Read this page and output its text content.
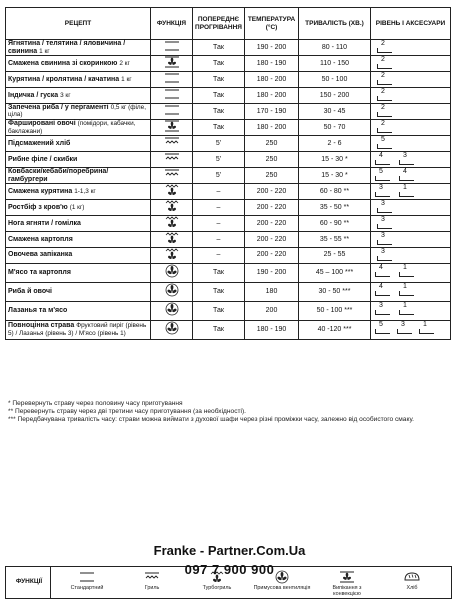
РЕЦЕПТ	ФУНКЦІЯ	ПОПЕРЕДНЄ ПРОГРІВАННЯ	ТЕМПЕРАТУРА (°С)	ТРИВАЛІСТЬ (ХВ.)	РІВЕНЬ І АКСЕСУАРИ
Ягнятина / телятина / яловичина / свинина 1 кг		Так	190 - 200	80 - 110	2

Смажена свинина зі скоринкою 2 кг		Так	180 - 190	110 - 150	2

Курятина / кролятина / качатина 1 кг		Так	180 - 200	50 - 100	2

Індичка / гуска 3 кг		Так	180 - 200	150 - 200	2

Запечена риба / у пергаменті 0,5 кг (філе, ціла)		Так	170 - 190	30 - 45	2

Фаршировані овочі (помідори, кабачки, баклажани)		Так	180 - 200	50 - 70	2

Підсмажений хліб		5'	250	2 - 6	5

Рибне філе / скибки		5'	250	15 - 30 *	4 3

Ковбаски/кебаби/поребрина/ гамбургери		5'	250	15 - 30 *	5 4

Смажена курятина 1-1,3 кг		–	200 - 220	60 - 80 **	3 1

Ростбіф з кров'ю (1 кг)		–	200 - 220	35 - 50 **	3

Нога ягняти / гомілка		–	200 - 220	60 - 90 **	3

Смажена картопля		–	200 - 220	35 - 55 **	3

Овочева запіканка		–	200 - 220	25 - 55	3

М'ясо та картопля		Так	190 - 200	45 – 100 ***	4 1

Риба й овочі		Так	180	30 - 50 ***	4 1

Лазанья та м'ясо		Так	200	50 - 100 ***	3 1

Повноцінна страва Фруктовий пиріг (рівень 5) / Лазанья (рівень 3) / М'ясо (рівень 1)		Так	180 - 190	40 -120 ***	5 3 1
* Перевернуть страву через половину часу приготування
** Перевернуть страву через дві третини часу приготування (за необхідності).
*** Передбачувана тривалість часу: страви можна виймати з духової шафи через різні проміжки часу, залежно від особистого смаку.
Franke - Partner.Com.Ua
ФУНКЦІЇ
Стандартний	Гриль	Турбогриль	Примусова вентиляція	Випікання з конвекцією
Хліб
097 7 900 900
